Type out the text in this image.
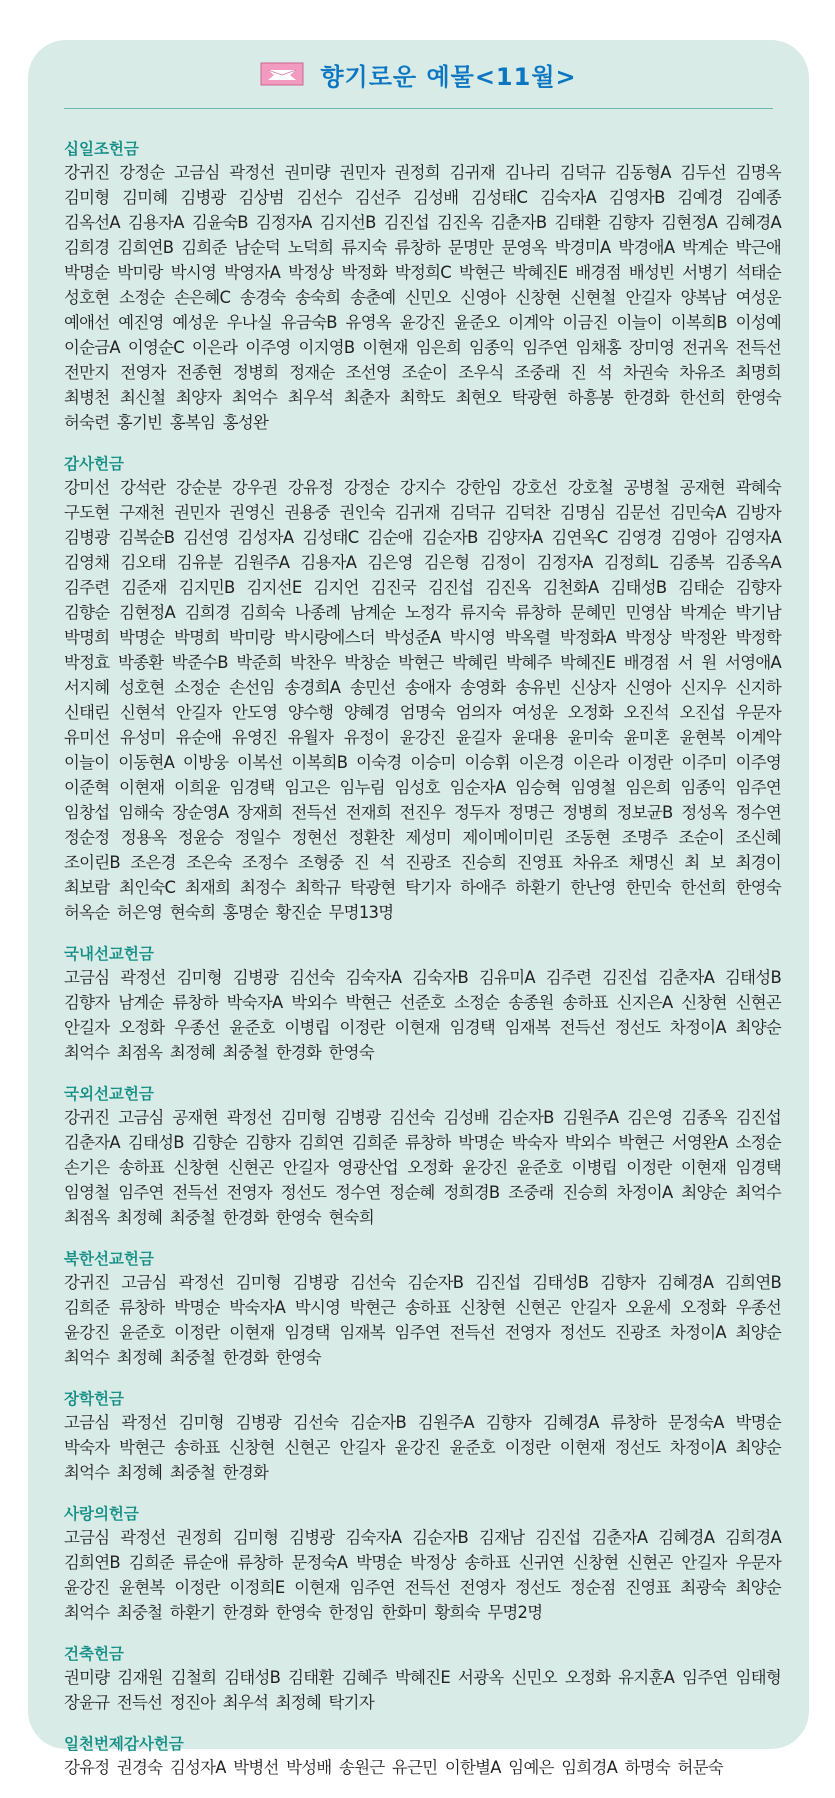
향기로운 예물<11월>
십일조헌금
강귀진 강정순 고금심 곽정선 권미량 권민자 권정희 김귀재 김나리 김덕규 김동형A 김두선 김명옥 김미형 김미혜 김병광 김상범 김선수 김선주 김성배 김성태C 김숙자A 김영자B 김예경 김예종 김옥선A 김용자A 김윤숙B 김정자A 김지선B 김진섭 김진옥 김춘자B 김태환 김향자 김현정A 김혜경A 김희경 김희연B 김희준 남순덕 노덕희 류지숙 류창하 문명만 문영옥 박경미A 박경애A 박계순 박근애 박명순 박미랑 박시영 박영자A 박정상 박정화 박정희C 박현근 박혜진E 배경점 배성빈 서병기 석태순 성호현 소정순 손은혜C 송경숙 송숙희 송춘예 신민오 신영아 신창현 신현철 안길자 양복남 여성운 예애선 예진영 예성운 우나실 유금숙B 유영옥 윤강진 윤준오 이계악 이금진 이늘이 이복희B 이성예 이순금A 이영순C 이은라 이주영 이지영B 이현재 임은희 임종익 임주연 임채홍 장미영 전귀옥 전득선 전만지 전영자 전종현 정병희 정재순 조선영 조순이 조우식 조중래 진 석 차권숙 차유조 최명희 최병천 최신철 최양자 최억수 최우석 최춘자 최학도 최현오 탁광현 하흥봉 한경화 한선희 한영숙 허숙련 홍기빈 홍복임 홍성완
감사헌금
강미선 강석란 강순분 강우권 강유정 강정순 강지수 강한임 강호선 강호철 공병철 공재현 곽혜숙 구도현 구재천 권민자 권영신 권용중 권인숙 김귀재 김덕규 김덕찬 김명심 김문선 김민숙A 김방자 김병광 김복순B 김선영 김성자A 김성태C 김순애 김순자B 김양자A 김연옥C 김영경 김영아 김영자A 김영채 김오태 김유분 김원주A 김용자A 김은영 김은형 김정이 김정자A 김정희L 김종복 김종옥A 김주련 김준재 김지민B 김지선E 김지언 김진국 김진섭 김진옥 김천화A 김태성B 김태순 김향자 김향순 김현정A 김희경 김희숙 나종례 남계순 노정각 류지숙 류창하 문혜민 민영삼 박계순 박기남 박명희 박명순 박명희 박미랑 박시랑에스더 박성준A 박시영 박옥렬 박정화A 박정상 박정완 박정학 박정효 박종환 박준수B 박준희 박찬우 박창순 박현근 박혜린 박혜주 박혜진E 배경점 서 원 서영애A 서지혜 성호현 소정순 손선임 송경희A 송민선 송애자 송영화 송유빈 신상자 신영아 신지우 신지하 신태린 신현석 안길자 안도영 양수행 양혜경 엄명숙 엄의자 여성운 오정화 오진석 오진섭 우문자 유미선 유성미 유순애 유영진 유월자 유정이 윤강진 윤길자 윤대용 윤미숙 윤미혼 윤현복 이계악 이늘이 이동현A 이방웅 이복선 이복희B 이숙경 이승미 이승휘 이은경 이은라 이정란 이주미 이주영 이준혁 이현재 이희윤 임경택 임고은 임누림 임성호 임순자A 임승혁 임영철 임은희 임종익 임주연 임창섭 임해숙 장순영A 장재희 전득선 전재희 전진우 정두자 정명근 정병희 정보균B 정성옥 정수연 정순정 정용옥 정윤승 정일수 정현선 정환찬 제성미 제이메이미린 조동현 조명주 조순이 조신혜 조이린B 조은경 조은숙 조정수 조형중 진 석 진광조 진승희 진영표 차유조 채명신 최 보 최경이 최보람 최인숙C 최재희 최정수 최학규 탁광현 탁기자 하애주 하환기 한난영 한민숙 한선희 한영숙 허옥순 허은영 현숙희 홍명순 황진순 무명13명
국내선교헌금
고금심 곽정선 김미형 김병광 김선숙 김숙자A 김숙자B 김유미A 김주련 김진섭 김춘자A 김태성B 김향자 남계순 류창하 박숙자A 박외수 박현근 선준호 소정순 송종원 송하표 신지은A 신창현 신현곤 안길자 오정화 우종선 윤준호 이병립 이정란 이현재 임경택 임재복 전득선 정선도 차정이A 최양순 최억수 최점옥 최정혜 최중철 한경화 한영숙
국외선교헌금
강귀진 고금심 공재현 곽정선 김미형 김병광 김선숙 김성배 김순자B 김원주A 김은영 김종옥 김진섭 김춘자A 김태성B 김향순 김향자 김희연 김희준 류창하 박명순 박숙자 박외수 박현근 서영완A 소정순 손기은 송하표 신창현 신현곤 안길자 영광산업 오정화 윤강진 윤준호 이병립 이정란 이현재 임경택 임영철 임주연 전득선 전영자 정선도 정수연 정순혜 정희경B 조중래 진승희 차정이A 최양순 최억수 최점옥 최정혜 최중철 한경화 한영숙 현숙희
북한선교헌금
강귀진 고금심 곽정선 김미형 김병광 김선숙 김순자B 김진섭 김태성B 김향자 김혜경A 김희연B 김희준 류창하 박명순 박숙자A 박시영 박현근 송하표 신창현 신현곤 안길자 오윤세 오정화 우종선 윤강진 윤준호 이정란 이현재 임경택 임재복 임주연 전득선 전영자 정선도 진광조 차정이A 최양순 최억수 최정혜 최중철 한경화 한영숙
장학헌금
고금심 곽정선 김미형 김병광 김선숙 김순자B 김원주A 김향자 김혜경A 류창하 문정숙A 박명순 박숙자 박현근 송하표 신창현 신현곤 안길자 윤강진 윤준호 이정란 이현재 정선도 차정이A 최양순 최억수 최정혜 최중철 한경화
사랑의헌금
고금심 곽정선 권정희 김미형 김병광 김숙자A 김순자B 김재남 김진섭 김춘자A 김혜경A 김희경A 김희연B 김희준 류순애 류창하 문정숙A 박명순 박정상 송하표 신귀연 신창현 신현곤 안길자 우문자 윤강진 윤현복 이정란 이정희E 이현재 임주연 전득선 전영자 정선도 정순점 진영표 최광숙 최양순 최억수 최중철 하환기 한경화 한영숙 한정임 한화미 황희숙 무명2명
건축헌금
권미량 김재원 김철희 김태성B 김태환 김혜주 박혜진E 서광옥 신민오 오정화 유지훈A 임주연 임태형 장윤규 전득선 정진아 최우석 최정혜 탁기자
일천번제감사헌금
강유정 권경숙 김성자A 박병선 박성배 송원근 유근민 이한별A 임예은 임희경A 하명숙 허문숙
